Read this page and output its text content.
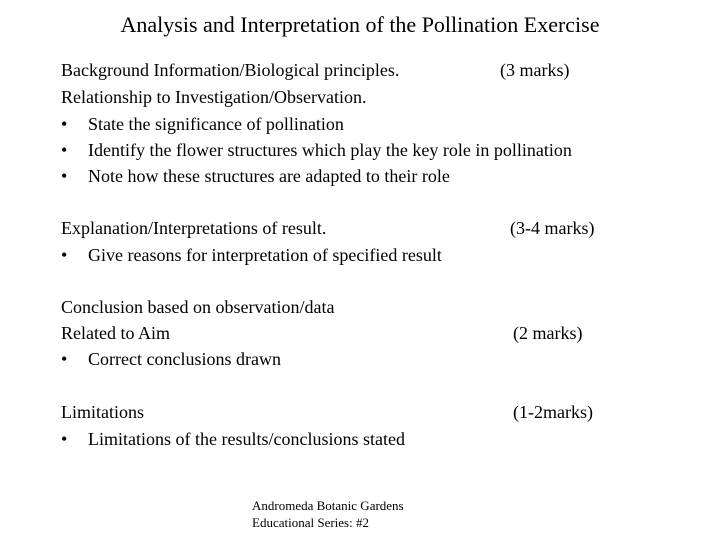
Analysis and Interpretation of the Pollination Exercise
Background Information/Biological principles.	(3 marks)
Relationship to Investigation/Observation.
• State the significance of pollination
• Identify the flower structures which play the key role in pollination
• Note how these structures are adapted to their role
Explanation/Interpretations of result.	(3-4 marks)
• Give reasons for interpretation of specified result
Conclusion based on observation/data
Related to Aim	(2 marks)
• Correct conclusions drawn
Limitations	(1-2marks)
• Limitations of the results/conclusions stated
Andromeda Botanic Gardens
Educational Series: #2
